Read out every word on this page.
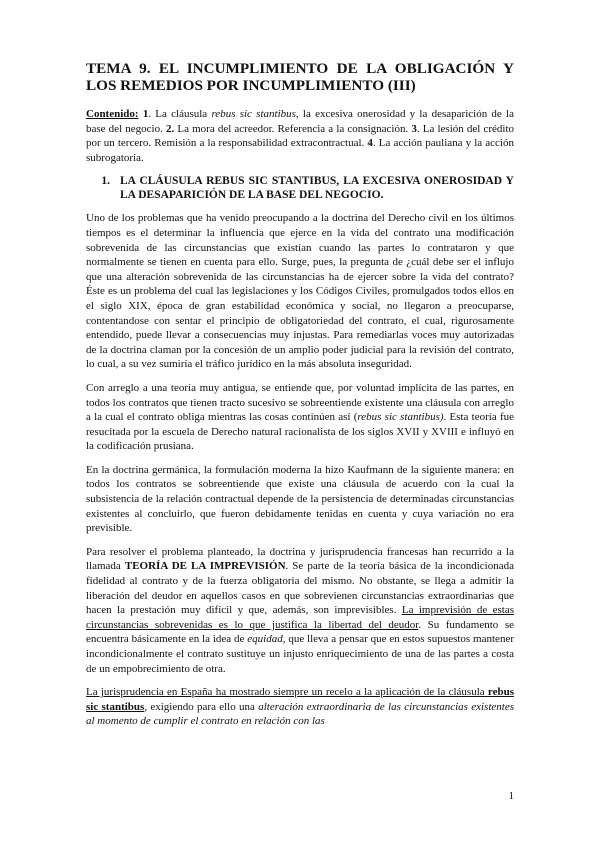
TEMA 9. EL INCUMPLIMIENTO DE LA OBLIGACIÓN Y LOS REMEDIOS POR INCUMPLIMIENTO (III)

Contenido: 1. La cláusula rebus sic stantibus, la excesiva onerosidad y la desaparición de la base del negocio. 2. La mora del acreedor. Referencia a la consignación. 3. La lesión del crédito por un tercero. Remisión a la responsabilidad extracontractual. 4. La acción pauliana y la acción subrogatoria.

1. LA CLÁUSULA REBUS SIC STANTIBUS, LA EXCESIVA ONEROSIDAD Y LA DESAPARICIÓN DE LA BASE DEL NEGOCIO.

Uno de los problemas que ha venido preocupando a la doctrina del Derecho civil en los últimos tiempos es el determinar la influencia que ejerce en la vida del contrato una modificación sobrevenida de las circunstancias que existían cuando las partes lo contrataron y que normalmente se tienen en cuenta para ello. Surge, pues, la pregunta de ¿cuál debe ser el influjo que una alteración sobrevenida de las circunstancias ha de ejercer sobre la vida del contrato? Éste es un problema del cual las legislaciones y los Códigos Civiles, promulgados todos ellos en el siglo XIX, época de gran estabilidad económica y social, no llegaron a preocuparse, contentandose con sentar el principio de obligatoriedad del contrato, el cual, rigurosamente entendido, puede llevar a consecuencias muy injustas. Para remediarlas voces muy autorizadas de la doctrina claman por la concesión de un amplio poder judicial para la revisión del contrato, lo cual, a su vez sumiría el tráfico jurídico en la más absoluta inseguridad.

Con arreglo a una teoría muy antigua, se entiende que, por voluntad implícita de las partes, en todos los contratos que tienen tracto sucesivo se sobreentiende existente una cláusula con arreglo a la cual el contrato obliga mientras las cosas continúen así (rebus sic stantibus). Esta teoría fue resucitada por la escuela de Derecho natural racionalista de los siglos XVII y XVIII e influyó en la codificación prusiana.

En la doctrina germánica, la formulación moderna la hizo Kaufmann de la siguiente manera: en todos los contratos se sobreentiende que existe una cláusula de acuerdo con la cual la subsistencia de la relación contractual depende de la persistencia de determinadas circunstancias existentes al concluirlo, que fueron debidamente tenidas en cuenta y cuya variación no era previsible.

Para resolver el problema planteado, la doctrina y jurisprudencia francesas han recurrido a la llamada TEORÍA DE LA IMPREVISIÓN. Se parte de la teoría básica de la incondicionada fidelidad al contrato y de la fuerza obligatoria del mismo. No obstante, se llega a admitir la liberación del deudor en aquellos casos en que sobrevienen circunstancias extraordinarias que hacen la prestación muy difícil y que, además, son imprevisibles. La imprevisión de estas circunstancias sobrevenidas es lo que justifica la libertad del deudor. Su fundamento se encuentra básicamente en la idea de equidad, que lleva a pensar que en estos supuestos mantener incondicionalmente el contrato sustituye un injusto enriquecimiento de una de las partes a costa de un empobrecimiento de otra.

La jurisprudencia en España ha mostrado siempre un recelo a la aplicación de la cláusula rebus sic stantibus, exigiendo para ello una alteración extraordinaria de las circunstancias existentes al momento de cumplir el contrato en relación con las

1
